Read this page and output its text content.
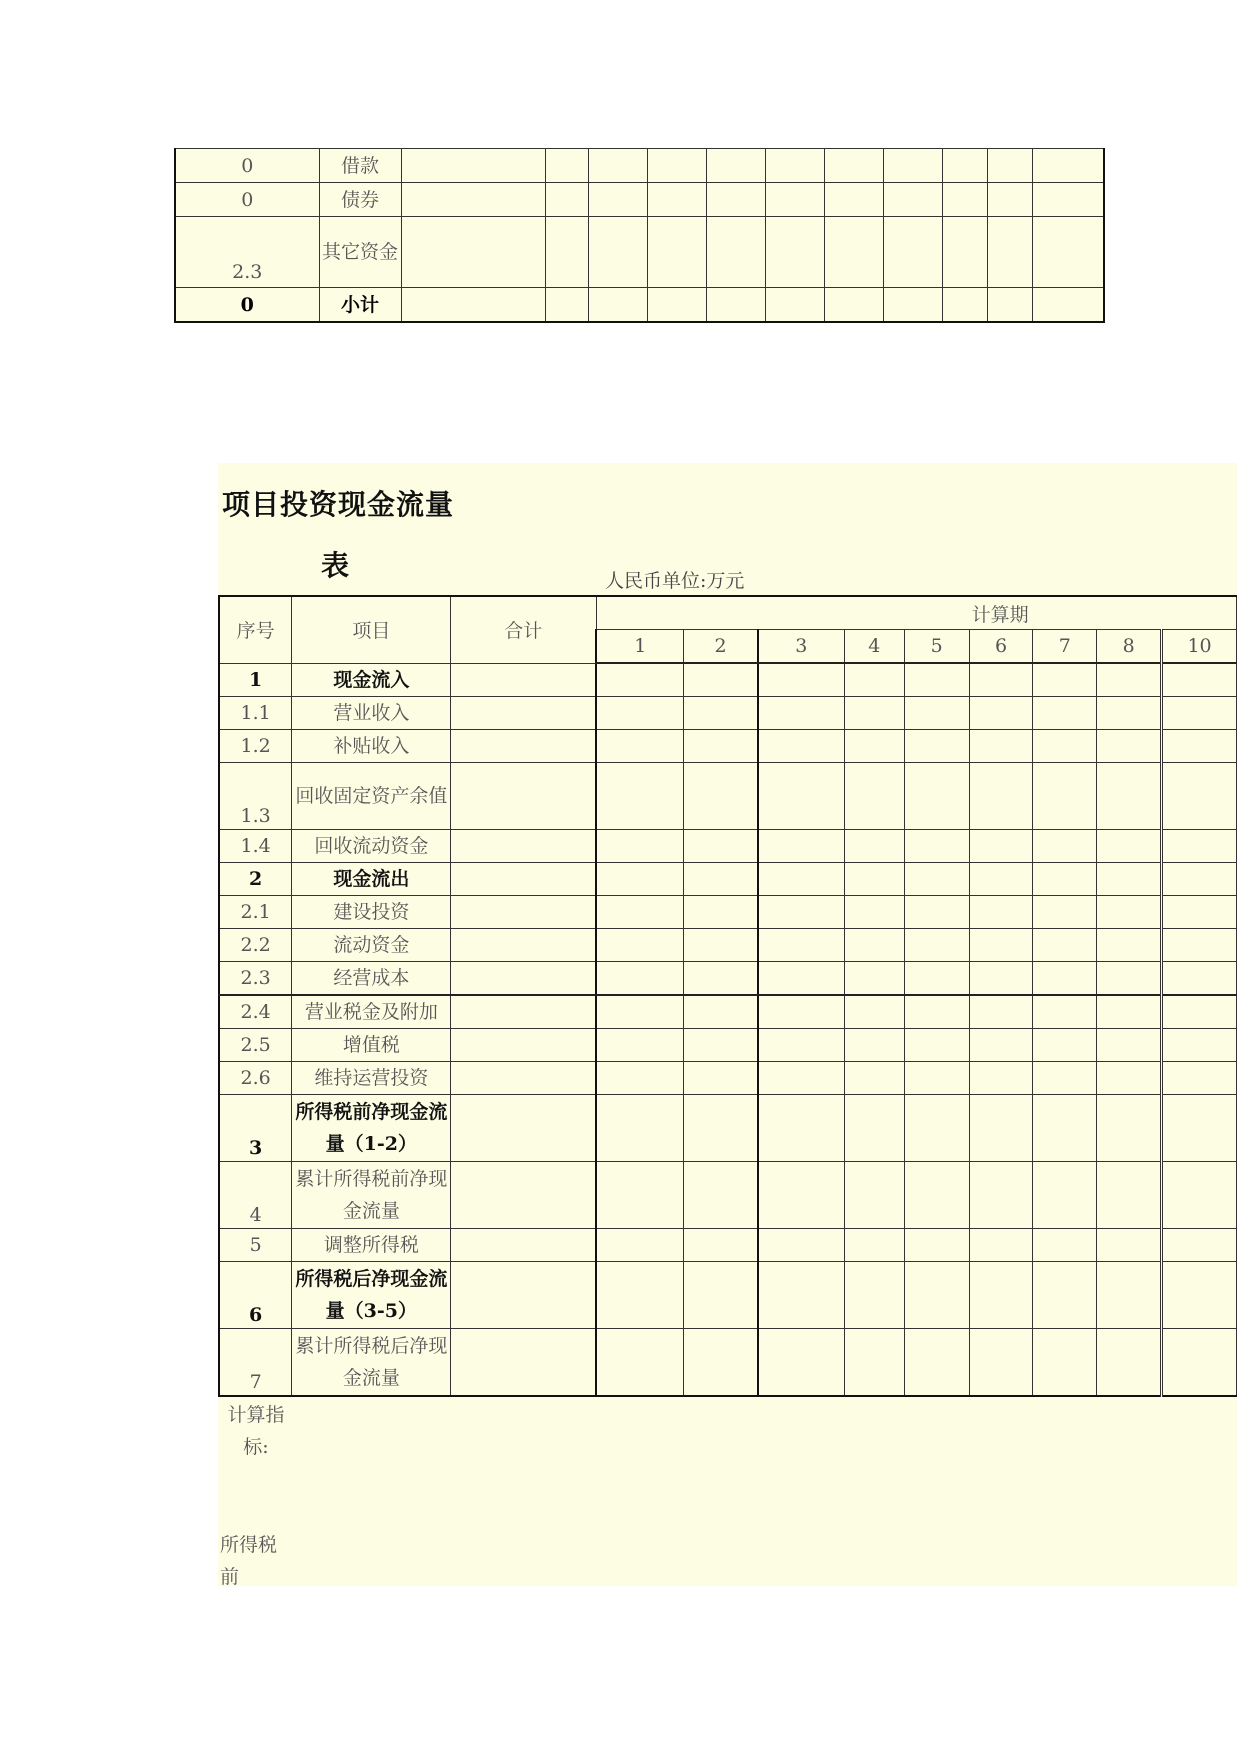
0	借款											
0	债券											
2.3	其它资金											
0	小计											
项目投资现金流量
表	人民币单位:万元
序号	项目	合计	计算期								
			1	2	3	4	5	6	7	8	10
1	现金流入										
1.1	营业收入										
1.2	补贴收入										
1.3	回收固定资产余值										
1.4	回收流动资金										
2	现金流出										
2.1	建设投资										
2.2	流动资金										
2.3	经营成本										
2.4	营业税金及附加										
2.5	增值税										
2.6	维持运营投资										
3	所得税前净现金流量（1-2）										
4	累计所得税前净现金流量										
5	调整所得税										
6	所得税后净现金流量（3-5）										
7	累计所得税后净现金流量										
计算指标:
所得税前
